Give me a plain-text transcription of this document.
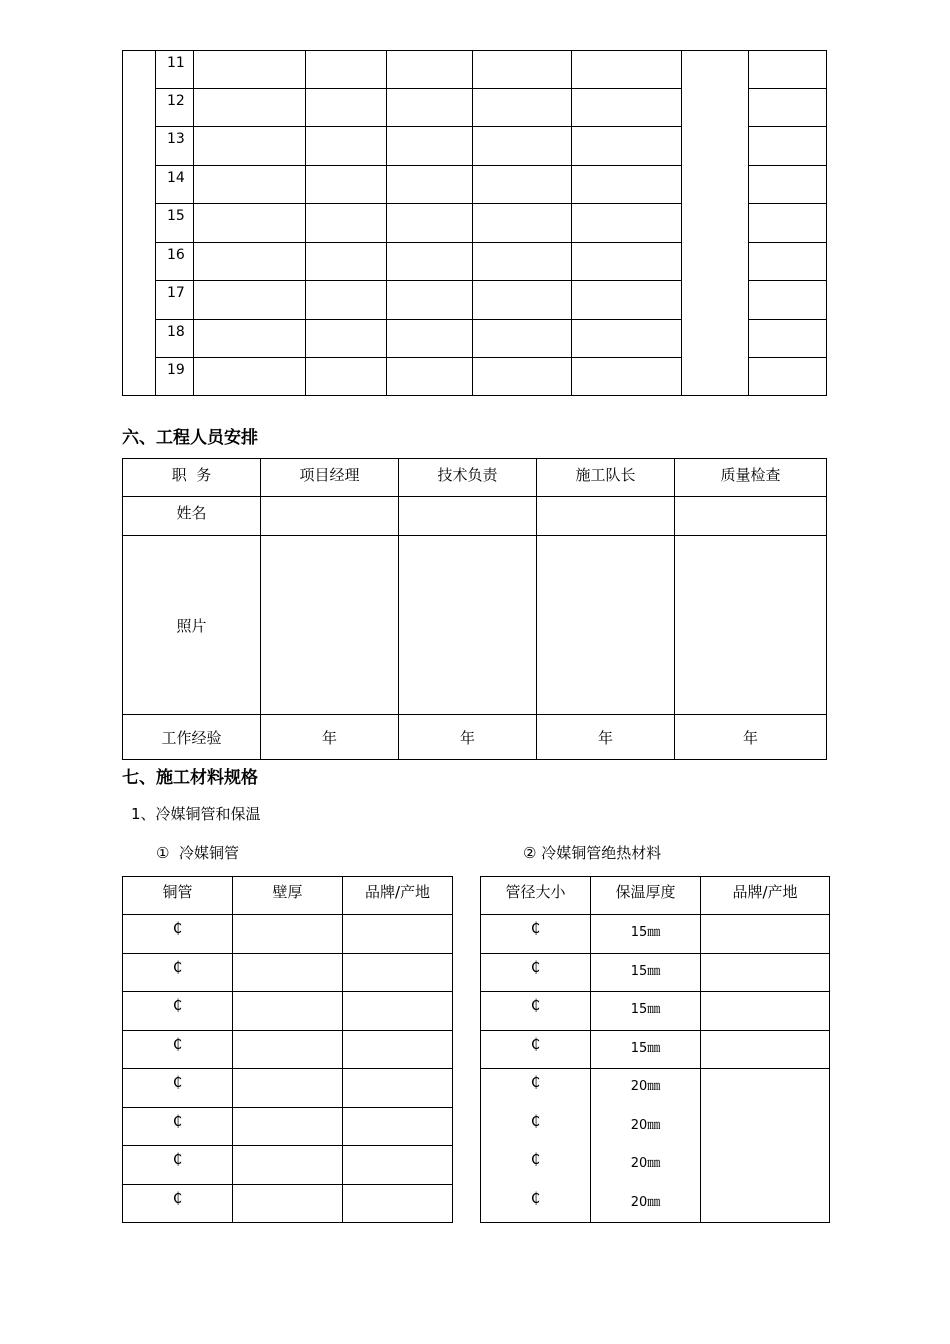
	11							
	12							
	13							
	14							
	15							
	16							
	17							
	18							
	19							
六、工程人员安排
职  务	项目经理	技术负责	施工队长	质量检查
姓名				
照片				
工作经验	年	年	年	年
七、施工材料规格
1、冷媒铜管和保温
①  冷媒铜管	② 冷媒铜管绝热材料
铜管	壁厚	品牌/产地
₵		
₵		
₵		
₵		
₵		
₵		
₵		
₵		
管径大小	保温厚度	品牌/产地
₵	15㎜	
₵	15㎜	
₵	15㎜	
₵	15㎜	
₵	20㎜	
₵	20㎜	
₵	20㎜	
₵	20㎜	
